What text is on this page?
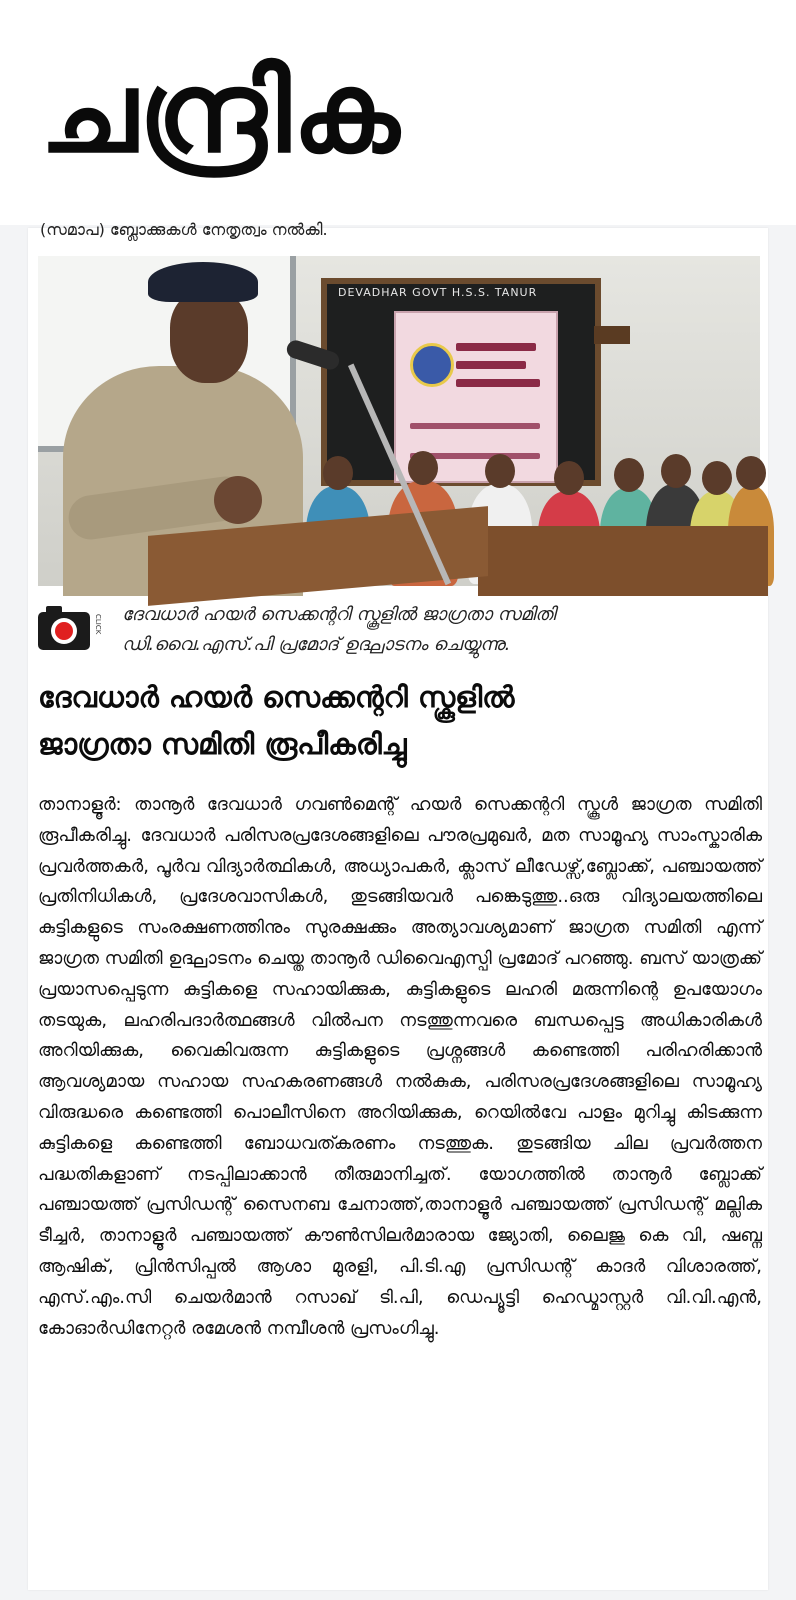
ചന്ദ്രിക
(സമാപ) ബ്ലോക്കുകൾ നേതൃത്വം നൽകി.
DEVADHAR GOVT H.S.S. TANUR
CLICK ദേവധാർ ഹയർ സെക്കന്ററി സ്കൂളിൽ ജാഗ്രതാ സമിതി
ഡി.വൈ.എസ്.പി പ്രമോദ് ഉദ്ഘാടനം ചെയ്യുന്നു.
ദേവധാർ ഹയർ സെക്കന്ററി സ്കൂളിൽ
ജാഗ്രതാ സമിതി രൂപീകരിച്ചു
താനാളൂർ: താനൂർ ദേവധാർ ഗവൺമെന്റ് ഹയർ സെക്കന്ററി സ്കൂൾ ജാഗ്രത സമിതി രൂപീകരിച്ചു. ദേവധാർ പരിസരപ്രദേശങ്ങളിലെ പൗരപ്രമുഖർ, മത സാമൂഹ്യ സാംസ്കാരിക പ്രവർത്തകർ, പൂർവ വിദ്യാർത്ഥികൾ, അധ്യാപകർ, ക്ലാസ് ലീഡേഴ്സ്,ബ്ലോക്ക്, പഞ്ചായത്ത് പ്രതിനിധികൾ, പ്രദേശവാസികൾ, തുടങ്ങിയവർ പങ്കെടുത്തു..ഒരു വിദ്യാലയത്തിലെ കുട്ടികളുടെ സംരക്ഷണത്തിനും സുരക്ഷക്കും അത്യാവശ്യമാണ് ജാഗ്രത സമിതി എന്ന് ജാഗ്രത സമിതി ഉദ്ഘാടനം ചെയ്ത താനൂർ ഡിവൈഎസ്പി പ്രമോദ് പറഞ്ഞു. ബസ് യാത്രക്ക് പ്രയാസപ്പെടുന്ന കുട്ടികളെ സഹായിക്കുക, കുട്ടികളുടെ ലഹരി മരുന്നിന്റെ ഉപയോഗം തടയുക, ലഹരിപദാർത്ഥങ്ങൾ വിൽപന നടത്തുന്നവരെ ബന്ധപ്പെട്ട അധികാരികൾ അറിയിക്കുക, വൈകിവരുന്ന കുട്ടികളുടെ പ്രശ്നങ്ങൾ കണ്ടെത്തി പരിഹരിക്കാൻ ആവശ്യമായ സഹായ സഹകരണങ്ങൾ നൽകുക, പരിസരപ്രദേശങ്ങളിലെ സാമൂഹ്യ വിരുദ്ധരെ കണ്ടെത്തി പൊലീസിനെ അറിയിക്കുക, റെയിൽവേ പാളം മുറിച്ചു കിടക്കുന്ന കുട്ടികളെ കണ്ടെത്തി ബോധവത്കരണം നടത്തുക. തുടങ്ങിയ ചില പ്രവർത്തന പദ്ധതികളാണ് നടപ്പിലാക്കാൻ തീരുമാനിച്ചത്. യോഗത്തിൽ താനൂർ ബ്ലോക്ക് പഞ്ചായത്ത് പ്രസിഡന്റ് സൈനബ ചേനാത്ത്,താനാളൂർ പഞ്ചായത്ത് പ്രസിഡന്റ് മല്ലിക ടീച്ചർ, താനാളൂർ പഞ്ചായത്ത് കൗൺസിലർമാരായ ജ്യോതി, ലൈജു കെ വി, ഷബ്ന ആഷിക്, പ്രിൻസിപ്പൽ ആശാ മുരളി, പി.ടി.എ പ്രസിഡന്റ് കാദർ വിശാരത്ത്, എസ്.എം.സി ചെയർമാൻ റസാഖ് ടി.പി, ഡെപ്യൂട്ടി ഹെഡ്മാസ്റ്റർ വി.വി.എൻ, കോഓർഡിനേറ്റർ രമേശൻ നമ്പീശൻ പ്രസംഗിച്ചു.
